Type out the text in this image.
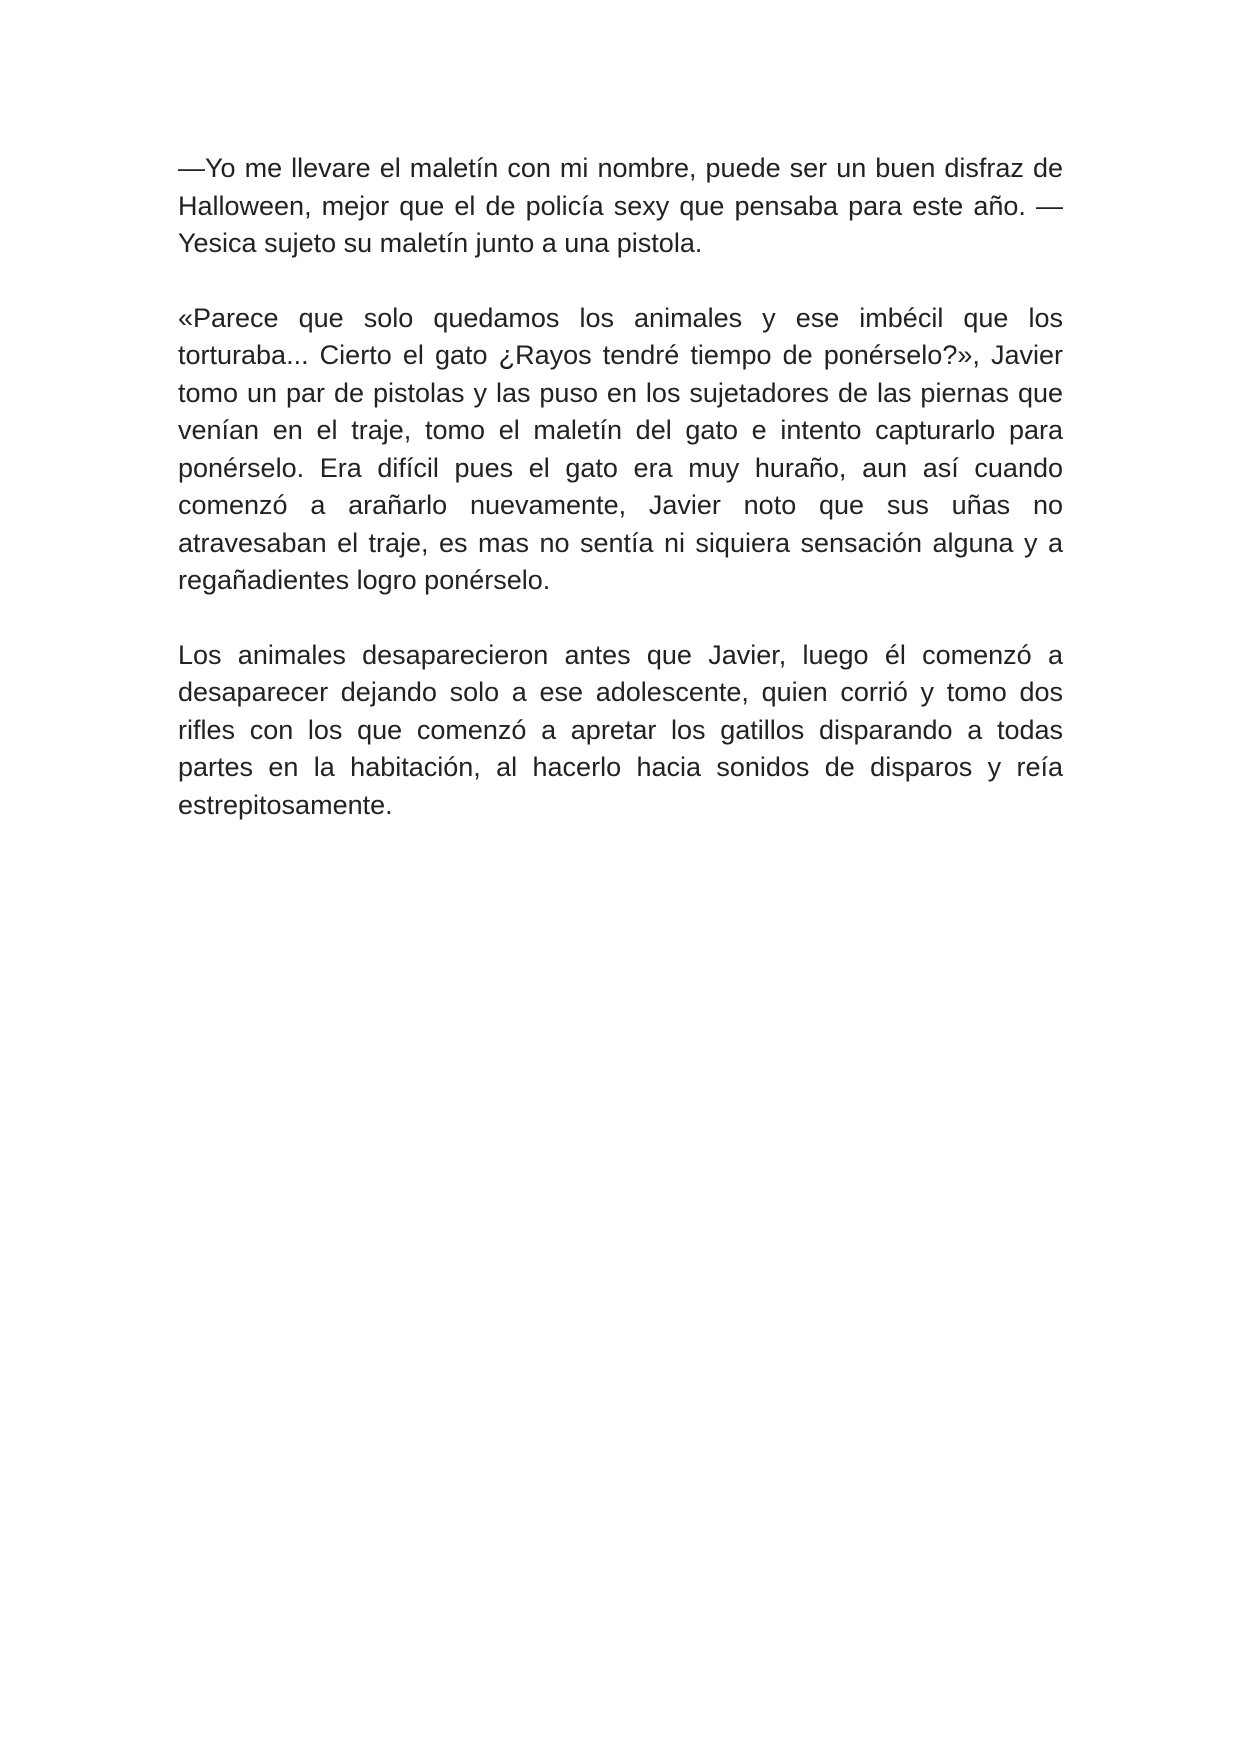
—Yo me llevare el maletín con mi nombre, puede ser un buen disfraz de Halloween, mejor que el de policía sexy que pensaba para este año. —Yesica sujeto su maletín junto a una pistola.

«Parece que solo quedamos los animales y ese imbécil que los torturaba... Cierto el gato ¿Rayos tendré tiempo de ponérselo?», Javier tomo un par de pistolas y las puso en los sujetadores de las piernas que venían en el traje, tomo el maletín del gato e intento capturarlo para ponérselo. Era difícil pues el gato era muy huraño, aun así cuando comenzó a arañarlo nuevamente, Javier noto que sus uñas no atravesaban el traje, es mas no sentía ni siquiera sensación alguna y a regañadientes logro ponérselo.

Los animales desaparecieron antes que Javier, luego él comenzó a desaparecer dejando solo a ese adolescente, quien corrió y tomo dos rifles con los que comenzó a apretar los gatillos disparando a todas partes en la habitación, al hacerlo hacia sonidos de disparos y reía estrepitosamente.
